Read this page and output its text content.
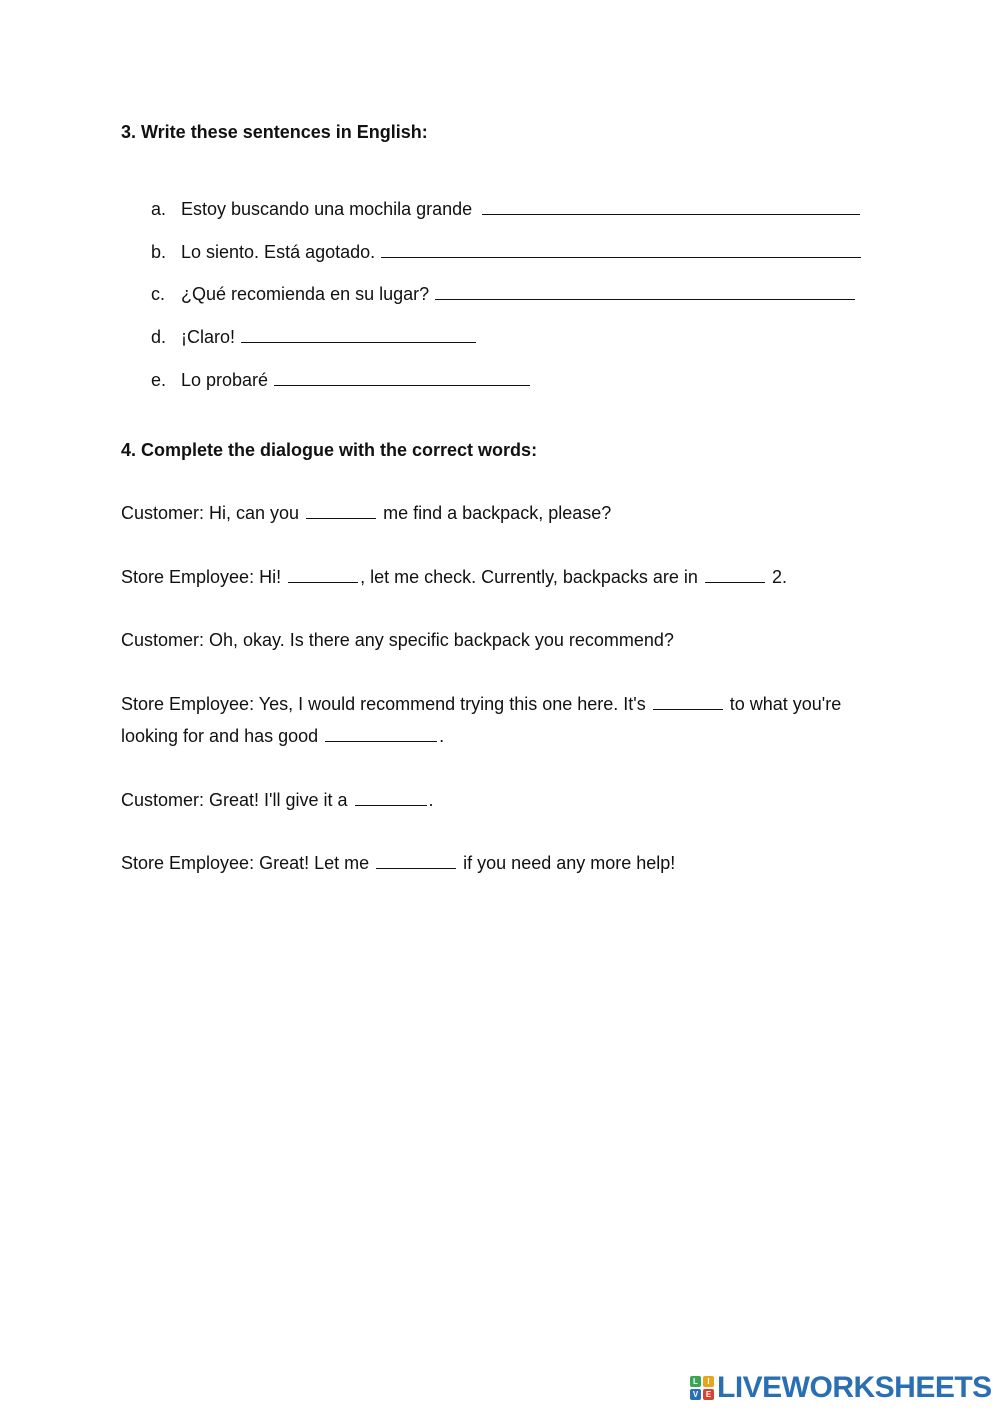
3. Write these sentences in English:
a. Estoy buscando una mochila grande
b. Lo siento. Está agotado.
c. ¿Qué recomienda en su lugar?
d. ¡Claro!
e. Lo probaré
4. Complete the dialogue with the correct words:

Customer: Hi, can you	me find a backpack, please?

Store Employee: Hi!	, let me check. Currently, backpacks are in	2.

Customer: Oh, okay. Is there any specific backpack you recommend?

Store Employee: Yes, I would recommend trying this one here. It's	to what you're looking for and has good	.

Customer: Great! I'll give it a	.

Store Employee: Great! Let me	if you need any more help!

L	I
V E LIVEWORKSHEETS
